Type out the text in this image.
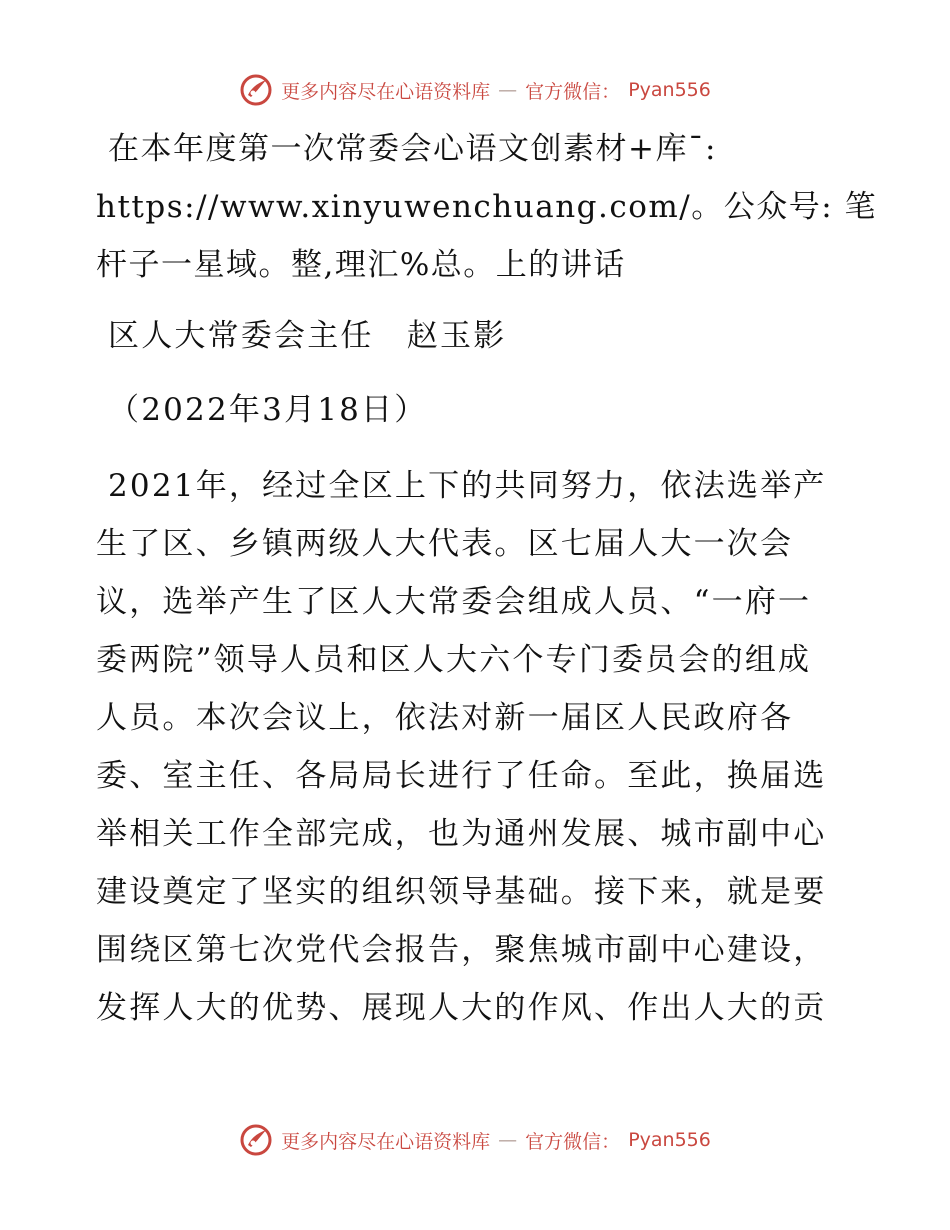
更多内容尽在心语资料库 — 官方微信： Pyan556

在本年度第一次常委会心语文创素材+库¯:
https://www.xinyuwenchuang.com/。公众号: 笔
杆子一星域。整,理汇%总。上的讲话

区人大常委会主任　赵玉影

（2022年3月18日）

2021年，经过全区上下的共同努力，依法选举产
生了区、乡镇两级人大代表。区七届人大一次会
议，选举产生了区人大常委会组成人员、“一府一
委两院”领导人员和区人大六个专门委员会的组成
人员。本次会议上，依法对新一届区人民政府各
委、室主任、各局局长进行了任命。至此，换届选
举相关工作全部完成，也为通州发展、城市副中心
建设奠定了坚实的组织领导基础。接下来，就是要
围绕区第七次党代会报告，聚焦城市副中心建设，
发挥人大的优势、展现人大的作风、作出人大的贡

更多内容尽在心语资料库 — 官方微信： Pyan556
